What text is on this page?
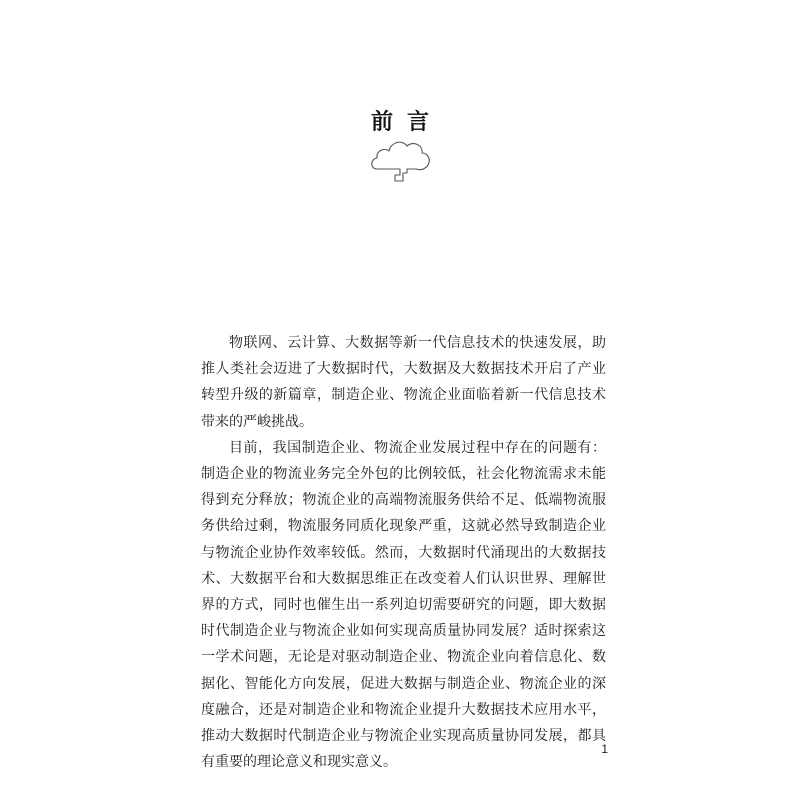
前言

物联网、云计算、大数据等新一代信息技术的快速发展，助推人类社会迈进了大数据时代，大数据及大数据技术开启了产业转型升级的新篇章，制造企业、物流企业面临着新一代信息技术带来的严峻挑战。

目前，我国制造企业、物流企业发展过程中存在的问题有：制造企业的物流业务完全外包的比例较低，社会化物流需求未能得到充分释放；物流企业的高端物流服务供给不足、低端物流服务供给过剩，物流服务同质化现象严重，这就必然导致制造企业与物流企业协作效率较低。然而，大数据时代涌现出的大数据技术、大数据平台和大数据思维正在改变着人们认识世界、理解世界的方式，同时也催生出一系列迫切需要研究的问题，即大数据时代制造企业与物流企业如何实现高质量协同发展？适时探索这一学术问题，无论是对驱动制造企业、物流企业向着信息化、数据化、智能化方向发展，促进大数据与制造企业、物流企业的深度融合，还是对制造企业和物流企业提升大数据技术应用水平，推动大数据时代制造企业与物流企业实现高质量协同发展，都具有重要的理论意义和现实意义。

1
